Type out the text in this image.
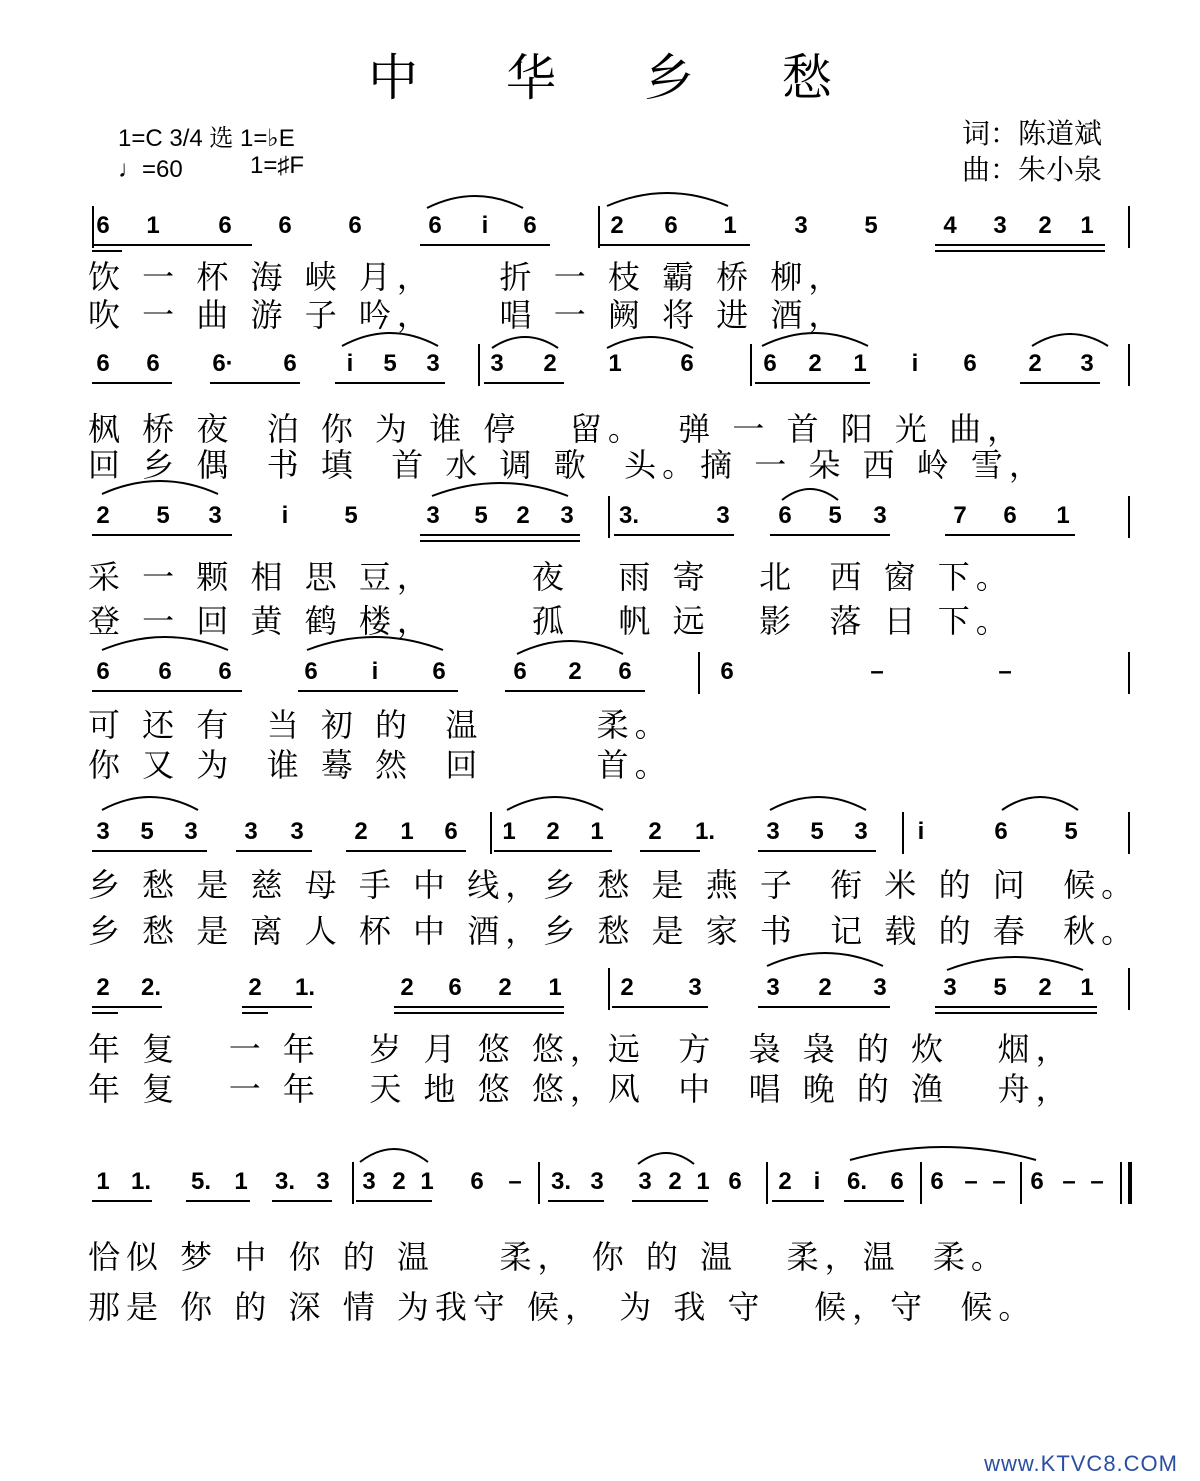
中 华 乡 愁
1=C 3/4 选 1=♭E
♩=60	1=♯F
词：陈道斌
曲：朱小泉
6	1	6	6	6	6	i	6	2	6	1	3	5	4	3	2	1
饮 一 杯 海 峡 月，    折 一 枝 霸 桥 柳，
吹 一 曲 游 子 吟，    唱 一 阙 将 进 酒，
6	6	6·	6	i	5	3	3	2	1	6	6	2	1	i	6	2	3
枫 桥 夜  泊 你 为 谁 停   留。  弹 一 首 阳 光 曲，
回 乡 偶  书 填  首 水 调 歌  头。摘 一 朵 西 岭 雪，
2	5	3	i	5	3	5	2	3	3.	3	6	5	3	7	6	1
采 一 颗 相 思 豆，      夜   雨 寄   北  西 窗 下。
登 一 回 黄 鹤 楼，      孤   帆 远   影  落 日 下。
6	6	6	6	i	6	6	2	6	6	–	–
可 还 有  当 初 的  温       柔。
你 又 为  谁 蓦 然  回       首。
3	5	3	3	3	2	1	6	1	2	1	2	1.	3	5	3	i	6	5
乡 愁 是 慈 母 手 中 线，乡 愁 是 燕 子  衔 米 的 问  候。
乡 愁 是 离 人 杯 中 酒，乡 愁 是 家 书  记 载 的 春  秋。
2	2.	2	1.	2	6	2	1	2	3	3	2	3	3	5	2	1
年 复   一 年   岁 月 悠 悠，远  方  袅 袅 的 炊   烟，
年 复   一 年   天 地 悠 悠，风  中  唱 晚 的 渔   舟，
1 1. 5. 1	3. 3	3 2 1	6	–	3. 3	3 2 1 6	2 i	6. 6	6 – –	6 – –
恰似 梦 中 你 的 温    柔， 你 的 温   柔，温  柔。
那是 你 的 深 情 为我守 候， 为 我 守   候，守  候。
www.KTVC8.COM
